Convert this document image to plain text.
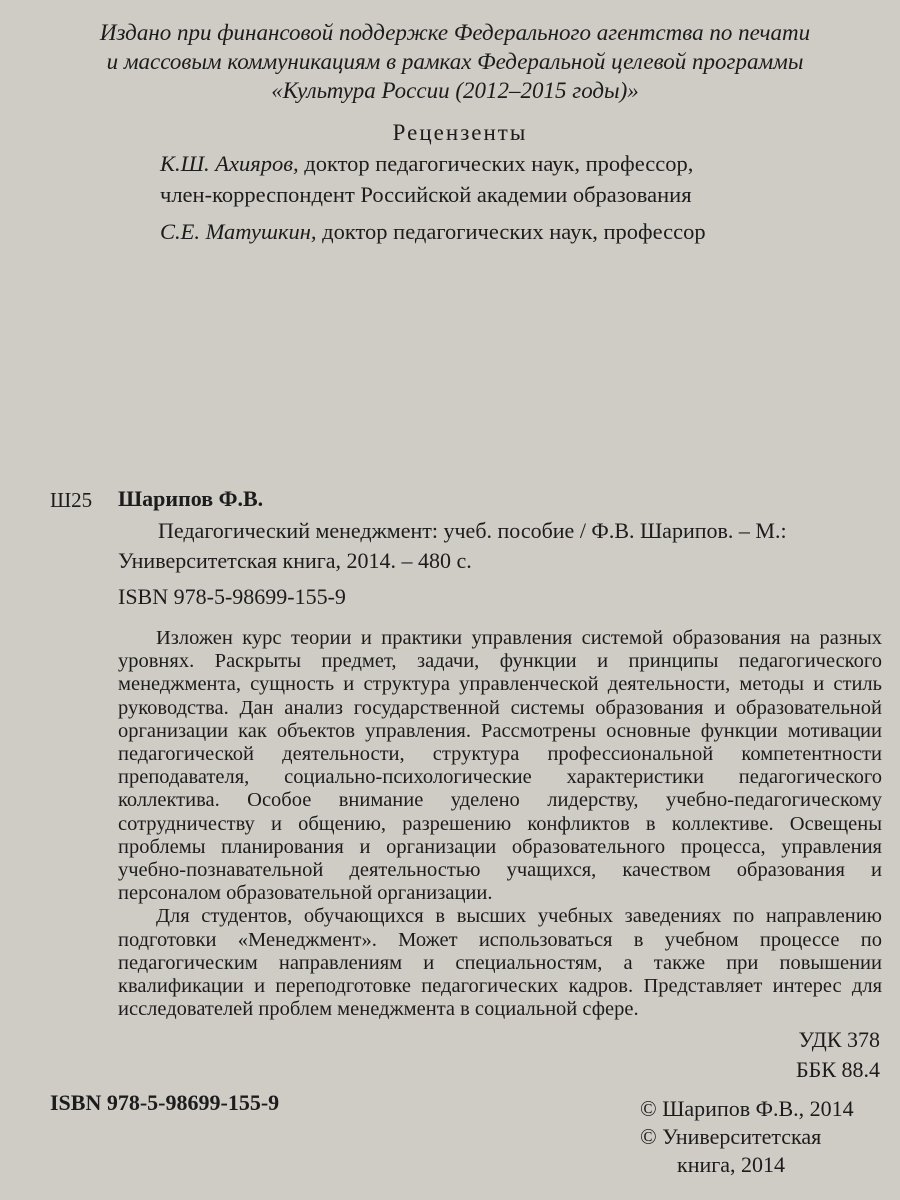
Издано при финансовой поддержке Федерального агентства по печати
и массовым коммуникациям в рамках Федеральной целевой программы
«Культура России (2012–2015 годы)»
Рецензенты
К.Ш. Ахияров, доктор педагогических наук, профессор,
член-корреспондент Российской академии образования
С.Е. Матушкин, доктор педагогических наук, профессор
Ш25 Шарипов Ф.В.
Педагогический менеджмент: учеб. пособие / Ф.В. Шарипов. – М.:
Университетская книга, 2014. – 480 с.
ISBN 978-5-98699-155-9

Изложен курс теории и практики управления системой образования на разных уровнях. Раскрыты предмет, задачи, функции и принципы педагогического менеджмента, сущность и структура управленческой деятельности, методы и стиль руководства. Дан анализ государственной системы образования и образовательной организации как объектов управления. Рассмотрены основные функции мотивации педагогической деятельности, структура профессиональной компетентности преподавателя, социально-психологические характеристики педагогического коллектива. Особое внимание уделено лидерству, учебно-педагогическому сотрудничеству и общению, разрешению конфликтов в коллективе. Освещены проблемы планирования и организации образовательного процесса, управления учебно-познавательной деятельностью учащихся, качеством образования и персоналом образовательной организации.

Для студентов, обучающихся в высших учебных заведениях по направлению подготовки «Менеджмент». Может использоваться в учебном процессе по педагогическим направлениям и специальностям, а также при повышении квалификации и переподготовке педагогических кадров. Представляет интерес для исследователей проблем менеджмента в социальной сфере.

УДК 378
ББК 88.4
ISBN 978-5-98699-155-9	© Шарипов Ф.В., 2014
© Университетская
книга, 2014
